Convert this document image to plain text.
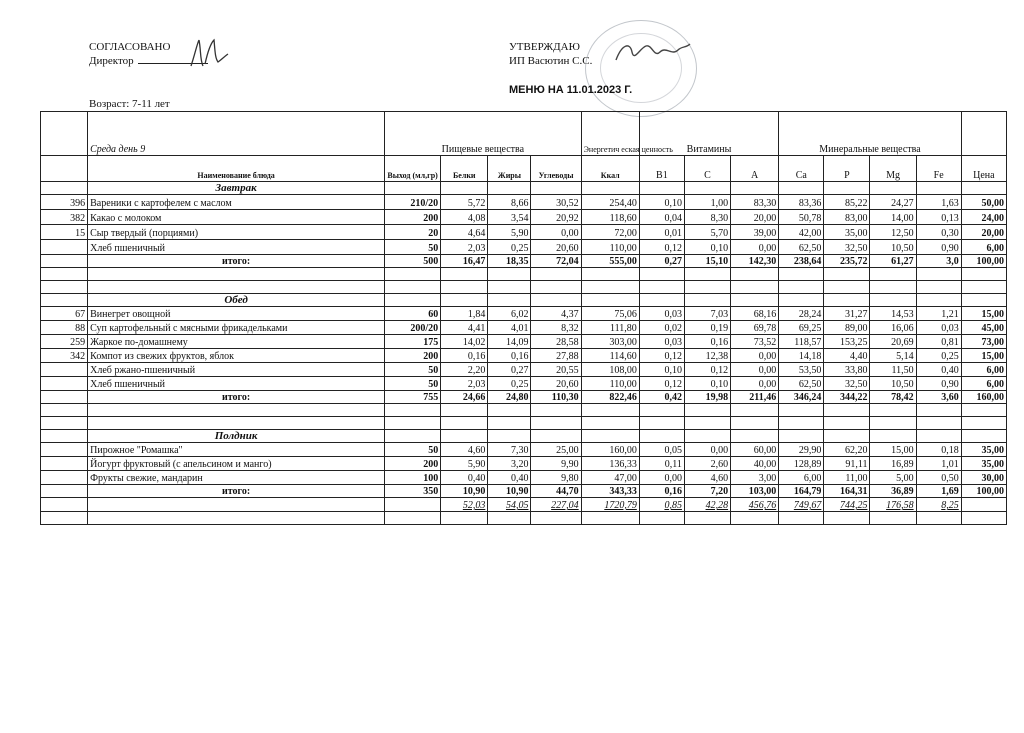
СОГЛАСОВАНО
Директор
УТВЕРЖДАЮ
ИП Васютин С.С.
МЕНЮ НА 11.01.2023 Г.
Возраст: 7-11 лет
	Среда день 9	Пищевые вещества				Энергетич еская ценность	Витамины			Минеральные вещества				
	Наименование блюда	Выход (мл,гр)	Белки	Жиры	Углеводы	Ккал	B1	C	A	Ca	P	Mg	Fe	Цена
	Завтрак													
396	Вареники с картофелем с маслом	210/20	5,72	8,66	30,52	254,40	0,10	1,00	83,30	83,36	85,22	24,27	1,63	50,00
382	Какао с молоком	200	4,08	3,54	20,92	118,60	0,04	8,30	20,00	50,78	83,00	14,00	0,13	24,00
15	Сыр твердый (порциями)	20	4,64	5,90	0,00	72,00	0,01	5,70	39,00	42,00	35,00	12,50	0,30	20,00
	Хлеб пшеничный	50	2,03	0,25	20,60	110,00	0,12	0,10	0,00	62,50	32,50	10,50	0,90	6,00
	итого:	500	16,47	18,35	72,04	555,00	0,27	15,10	142,30	238,64	235,72	61,27	3,0	100,00

	Обед													
67	Винегрет овощной	60	1,84	6,02	4,37	75,06	0,03	7,03	68,16	28,24	31,27	14,53	1,21	15,00
88	Суп картофельный с мясными фрикадельками	200/20	4,41	4,01	8,32	111,80	0,02	0,19	69,78	69,25	89,00	16,06	0,03	45,00
259	Жаркое по-домашнему	175	14,02	14,09	28,58	303,00	0,03	0,16	73,52	118,57	153,25	20,69	0,81	73,00
342	Компот из свежих фруктов, яблок	200	0,16	0,16	27,88	114,60	0,12	12,38	0,00	14,18	4,40	5,14	0,25	15,00
	Хлеб ржано-пшеничный	50	2,20	0,27	20,55	108,00	0,10	0,12	0,00	53,50	33,80	11,50	0,40	6,00
	Хлеб пшеничный	50	2,03	0,25	20,60	110,00	0,12	0,10	0,00	62,50	32,50	10,50	0,90	6,00
	итого:	755	24,66	24,80	110,30	822,46	0,42	19,98	211,46	346,24	344,22	78,42	3,60	160,00

	Полдник													
	Пирожное "Ромашка"	50	4,60	7,30	25,00	160,00	0,05	0,00	60,00	29,90	62,20	15,00	0,18	35,00
	Йогурт фруктовый (с апельсином и манго)	200	5,90	3,20	9,90	136,33	0,11	2,60	40,00	128,89	91,11	16,89	1,01	35,00
	Фрукты свежие, мандарин	100	0,40	0,40	9,80	47,00	0,00	4,60	3,00	6,00	11,00	5,00	0,50	30,00
	итого:	350	10,90	10,90	44,70	343,33	0,16	7,20	103,00	164,79	164,31	36,89	1,69	100,00
			52,03	54,05	227,04	1720,79	0,85	42,28	456,76	749,67	744,25	176,58	8,25	
